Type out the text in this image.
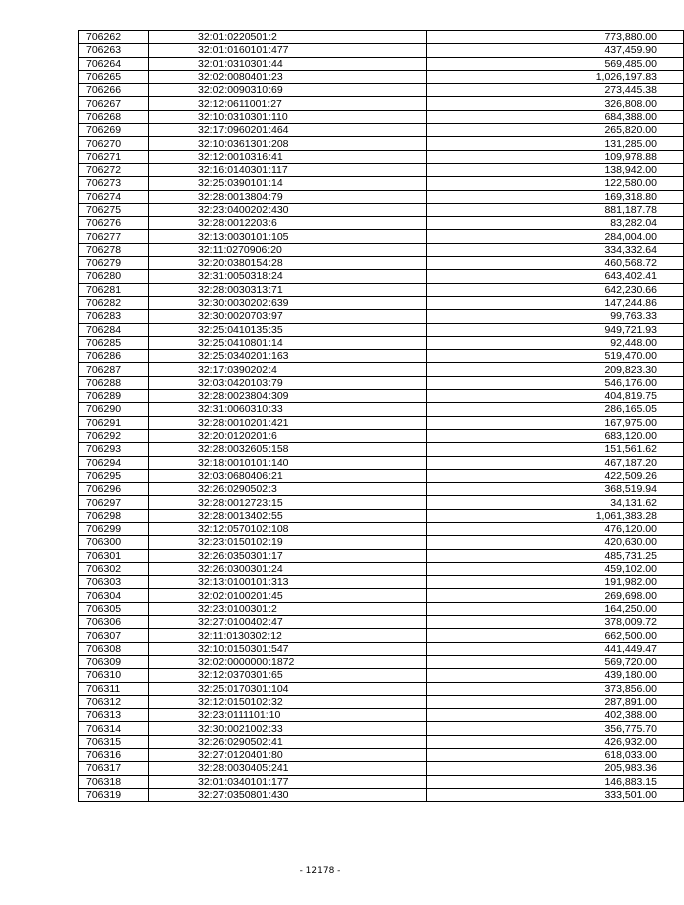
706262	32:01:0220501:2	773,880.00
706263	32:01:0160101:477	437,459.90
706264	32:01:0310301:44	569,485.00
706265	32:02:0080401:23	1,026,197.83
706266	32:02:0090310:69	273,445.38
706267	32:12:0611001:27	326,808.00
706268	32:10:0310301:110	684,388.00
706269	32:17:0960201:464	265,820.00
706270	32:10:0361301:208	131,285.00
706271	32:12:0010316:41	109,978.88
706272	32:16:0140301:117	138,942.00
706273	32:25:0390101:14	122,580.00
706274	32:28:0013804:79	169,318.80
706275	32:23:0400202:430	881,187.78
706276	32:28:0012203:6	83,282.04
706277	32:13:0030101:105	284,004.00
706278	32:11:0270906:20	334,332.64
706279	32:20:0380154:28	460,568.72
706280	32:31:0050318:24	643,402.41
706281	32:28:0030313:71	642,230.66
706282	32:30:0030202:639	147,244.86
706283	32:30:0020703:97	99,763.33
706284	32:25:0410135:35	949,721.93
706285	32:25:0410801:14	92,448.00
706286	32:25:0340201:163	519,470.00
706287	32:17:0390202:4	209,823.30
706288	32:03:0420103:79	546,176.00
706289	32:28:0023804:309	404,819.75
706290	32:31:0060310:33	286,165.05
706291	32:28:0010201:421	167,975.00
706292	32:20:0120201:6	683,120.00
706293	32:28:0032605:158	151,561.62
706294	32:18:0010101:140	467,187.20
706295	32:03:0680406:21	422,509.26
706296	32:26:0290502:3	368,519.94
706297	32:28:0012723:15	34,131.62
706298	32:28:0013402:55	1,061,383.28
706299	32:12:0570102:108	476,120.00
706300	32:23:0150102:19	420,630.00
706301	32:26:0350301:17	485,731.25
706302	32:26:0300301:24	459,102.00
706303	32:13:0100101:313	191,982.00
706304	32:02:0100201:45	269,698.00
706305	32:23:0100301:2	164,250.00
706306	32:27:0100402:47	378,009.72
706307	32:11:0130302:12	662,500.00
706308	32:10:0150301:547	441,449.47
706309	32:02:0000000:1872	569,720.00
706310	32:12:0370301:65	439,180.00
706311	32:25:0170301:104	373,856.00
706312	32:12:0150102:32	287,891.00
706313	32:23:0111101:10	402,388.00
706314	32:30:0021002:33	356,775.70
706315	32:26:0290502:41	426,932.00
706316	32:27:0120401:80	618,033.00
706317	32:28:0030405:241	205,983.36
706318	32:01:0340101:177	146,883.15
706319	32:27:0350801:430	333,501.00
- 12178 -
